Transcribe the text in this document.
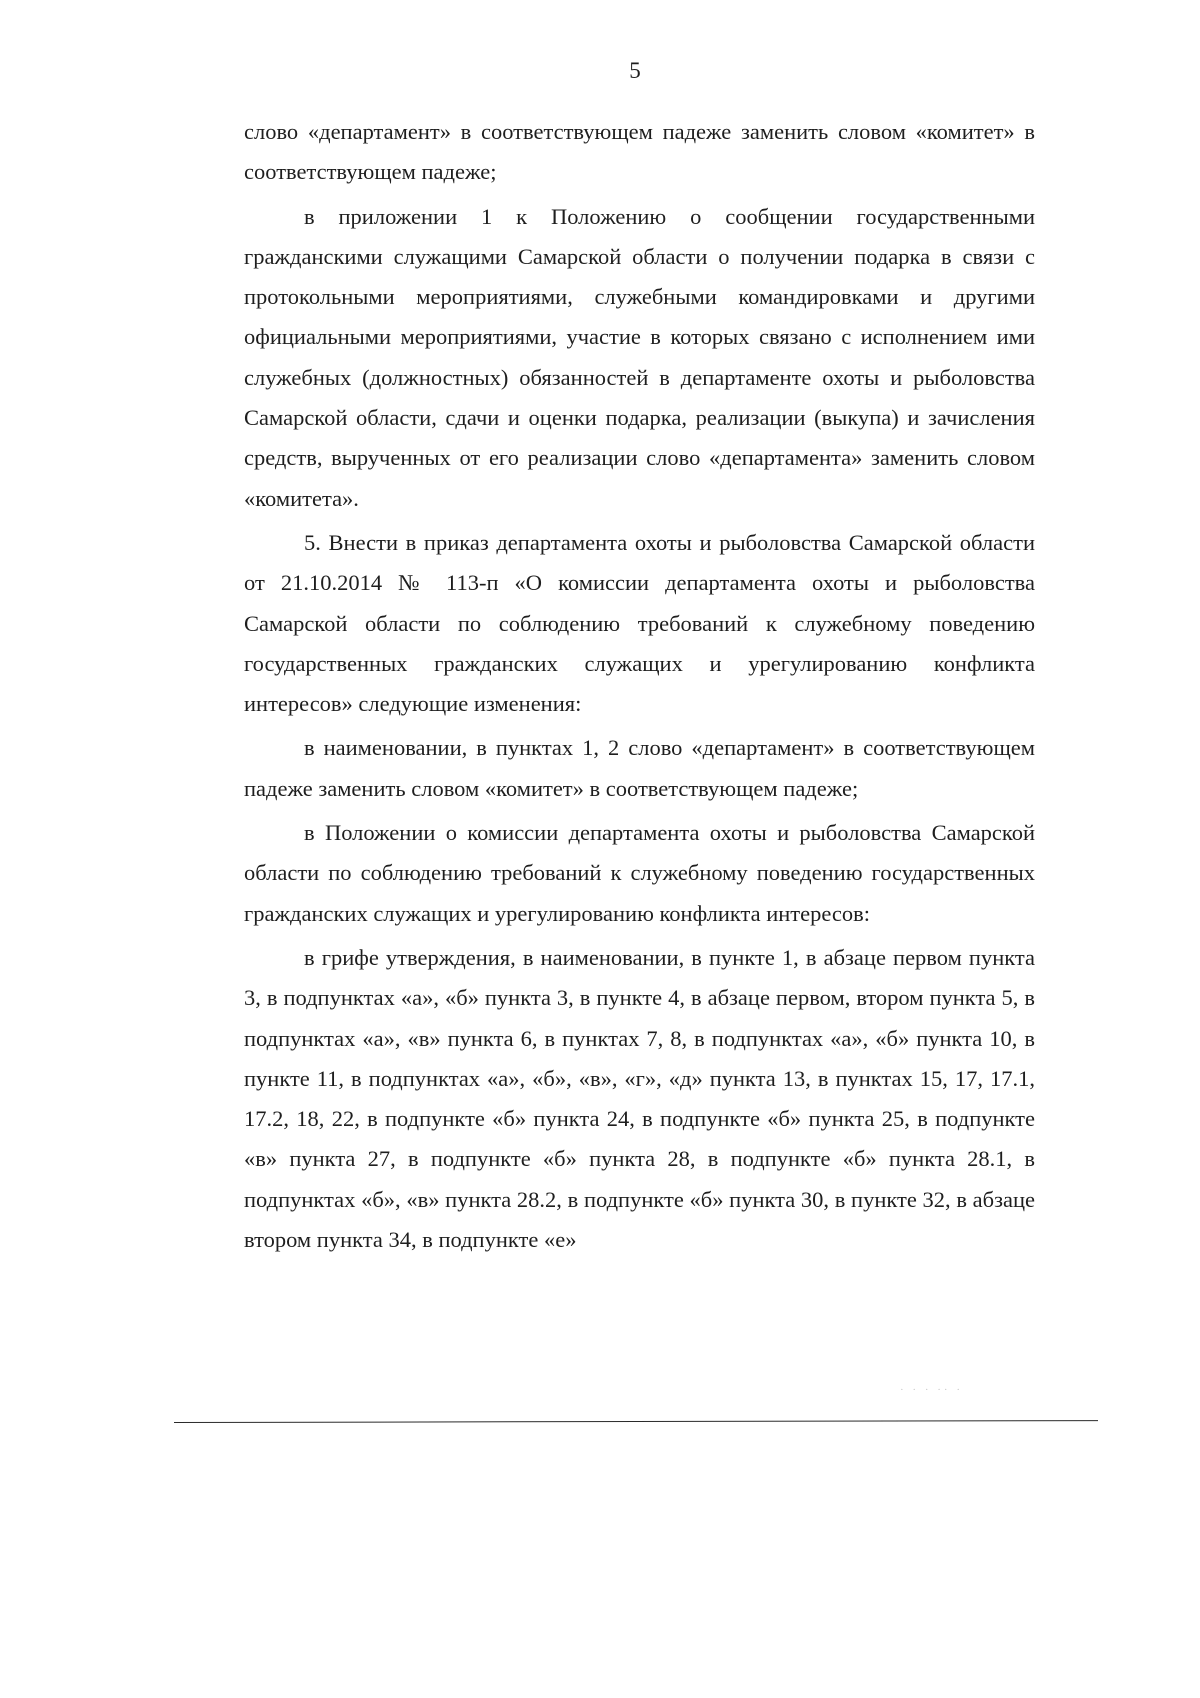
5

слово «департамент» в соответствующем падеже заменить словом «комитет» в соответствующем падеже;

в приложении 1 к Положению о сообщении государственными гражданскими служащими Самарской области о получении подарка в связи с протокольными мероприятиями, служебными командировками и другими официальными мероприятиями, участие в которых связано с исполнением ими служебных (должностных) обязанностей в департаменте охоты и рыболовства Самарской области, сдачи и оценки подарка, реализации (выкупа) и зачисления средств, вырученных от его реализации слово «департамента» заменить словом «комитета».

5. Внести в приказ департамента охоты и рыболовства Самарской области от 21.10.2014 № 113-п «О комиссии департамента охоты и рыболовства Самарской области по соблюдению требований к служебному поведению государственных гражданских служащих и урегулированию конфликта интересов» следующие изменения:

в наименовании, в пунктах 1, 2 слово «департамент» в соответствующем падеже заменить словом «комитет» в соответствующем падеже;

в Положении о комиссии департамента охоты и рыболовства Самарской области по соблюдению требований к служебному поведению государственных гражданских служащих и урегулированию конфликта интересов:

в грифе утверждения, в наименовании, в пункте 1, в абзаце первом пункта 3, в подпунктах «а», «б» пункта 3, в пункте 4, в абзаце первом, втором пункта 5, в подпунктах «а», «в» пункта 6, в пунктах 7, 8, в подпунктах «а», «б» пункта 10, в пункте 11, в подпунктах «а», «б», «в», «г», «д» пункта 13, в пунктах 15, 17, 17.1, 17.2, 18, 22, в подпункте «б» пункта 24, в подпункте «б» пункта 25, в подпункте «в» пункта 27, в подпункте «б» пункта 28, в подпункте «б» пункта 28.1, в подпунктах «б», «в» пункта 28.2, в подпункте «б» пункта 30, в пункте 32, в абзаце втором пункта 34, в подпункте «е»

· · · ·· ·
